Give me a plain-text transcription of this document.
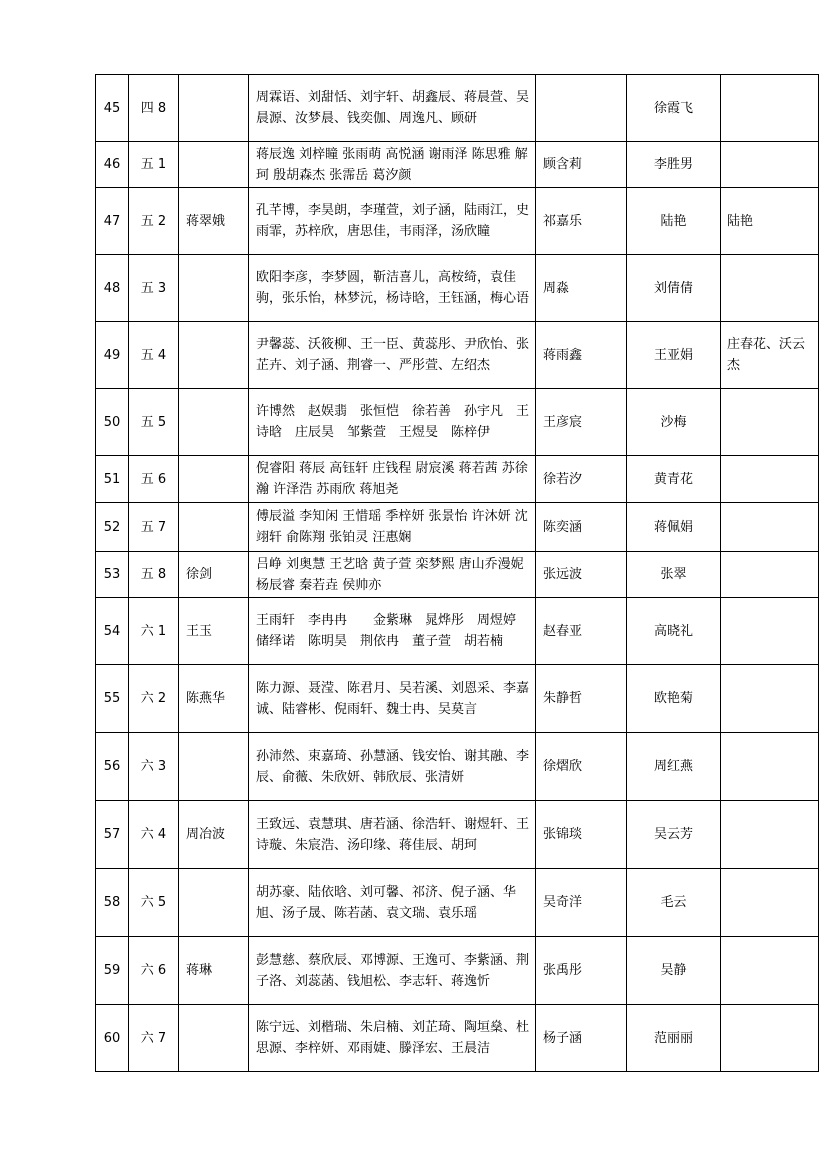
45	四 8		周霖语、刘甜恬、刘宇轩、胡鑫辰、蒋晨萱、吴晨源、汝梦晨、钱奕伽、周逸凡、顾研		徐霞飞	
46	五 1		蒋辰逸 刘梓瞳 张雨萌 高悦涵 谢雨泽 陈思雅 解珂 殷胡森杰 张霈岳 葛汐颜	顾含莉	李胜男	
47	五 2	蒋翠娥	孔芊博，李昊朗，李瑾萱，刘子涵，陆雨江，史雨霏，苏梓欣，唐思佳，韦雨泽，汤欣瞳	祁嘉乐	陆艳	陆艳
48	五 3		欧阳李彦，李梦圆，靳洁喜儿，高桉绮，袁佳驹，张乐怡，林梦沅，杨诗晗，王钰涵，梅心语	周淼	刘倩倩	
49	五 4		尹馨蕊、沃筱柳、王一臣、黄蕊彤、尹欣怡、张芷卉、刘子涵、荆睿一、严彤萱、左绍杰	蒋雨鑫	王亚娟	庄春花、沃云杰
50	五 5		许博然　赵娱翡　张恒恺　徐若善　孙宇凡　王诗晗　庄辰昊　邹紫萱　王煜旻　陈梓伊	王彦宸	沙梅	
51	五 6		倪睿阳 蒋辰 高钰轩 庄钱程 尉宸溪 蒋若茜 苏徐瀚 许泽浩 苏雨欣 蒋旭尧	徐若汐	黄青花	
52	五 7		傅辰溢 李知闲 王惜瑶 季梓妍 张景怡 许沐妍 沈翊轩 俞陈翔 张铂灵 汪惠娴	陈奕涵	蒋佩娟	
53	五 8	徐剑	吕峥 刘奥慧 王艺晗 黄子萱 栾梦熙 唐山乔漫妮 杨辰睿 秦若垚 侯帅亦	张远波	张翠	
54	六 1	王玉	王雨轩　李冉冉　　金紫琳　晁烨彤　周煜婷　储绎诺　陈明昊　荆依冉　董子萱　胡若楠	赵春亚	高晓礼	
55	六 2	陈燕华	陈力源、聂滢、陈君月、吴若溪、刘恩采、李嘉诚、陆睿彬、倪雨轩、魏士冉、吴莫言	朱静哲	欧艳菊	
56	六 3		孙沛然、束嘉琦、孙慧涵、钱安怡、谢其融、李辰、俞薇、朱欣妍、韩欣辰、张清妍	徐熠欣	周红燕	
57	六 4	周冶波	王致远、袁慧琪、唐若涵、徐浩轩、谢煜轩、王诗璇、朱宸浩、汤印缘、蒋佳辰、胡珂	张锦琰	吴云芳	
58	六 5		胡苏豪、陆依晗、刘可馨、祁济、倪子涵、华旭、汤子晟、陈若菡、袁文瑞、袁乐瑶	吴奇洋	毛云	
59	六 6	蒋琳	彭慧慈、蔡欣辰、邓博源、王逸可、李紫涵、荆子洛、刘蕊菡、钱旭松、李志轩、蒋逸忻	张禹彤	吴静	
60	六 7		陈宁远、刘楷瑞、朱启楠、刘芷琦、陶垣燊、杜思源、李梓妍、邓雨婕、滕泽宏、王晨洁	杨子涵	范丽丽	
